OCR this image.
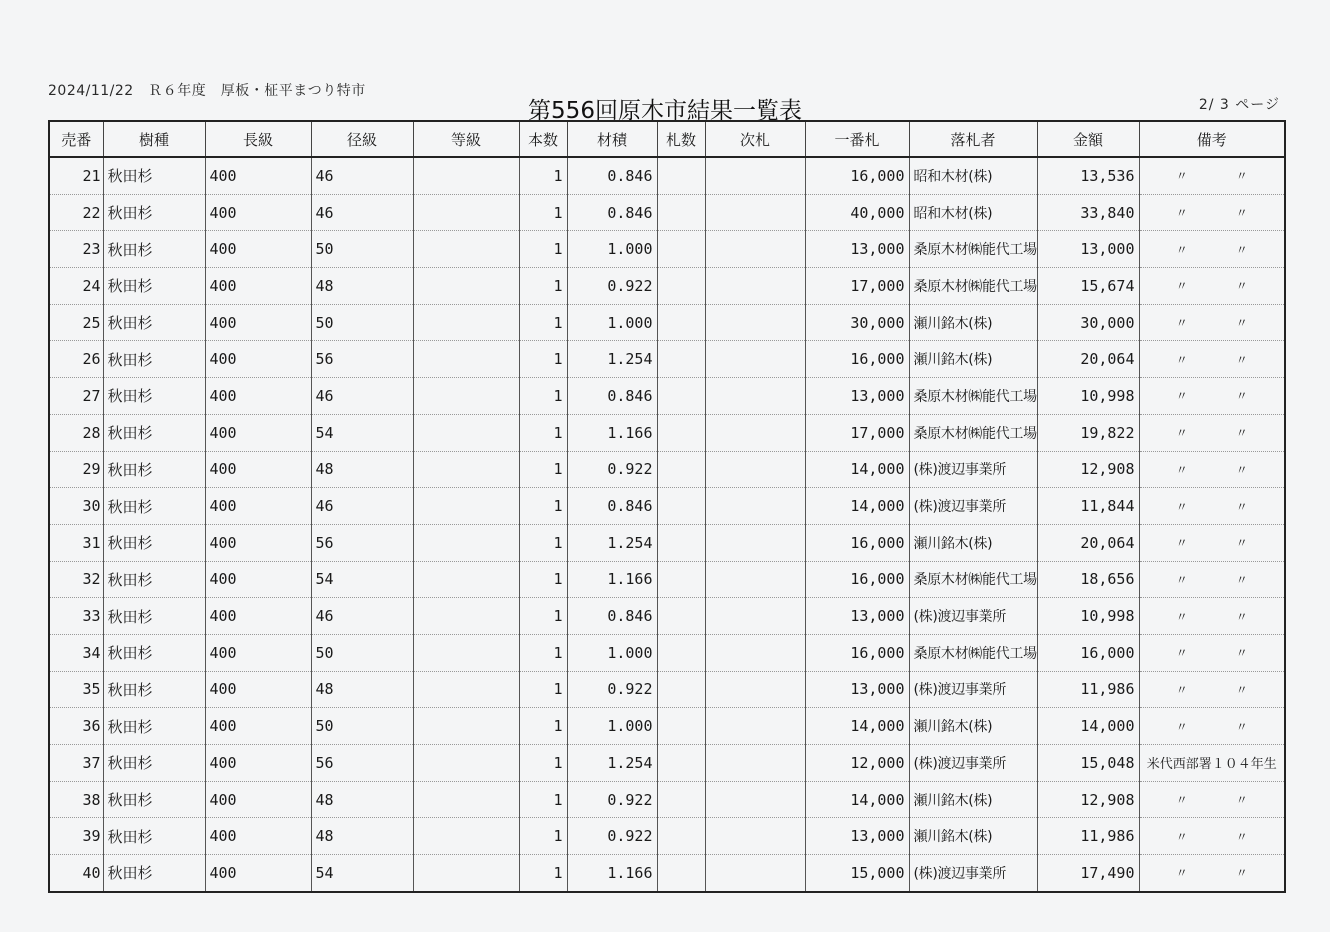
2024/11/22　Ｒ６年度　厚板・柾平まつり特市
第556回原木市結果一覧表	2/ 3 ページ
売番	樹種	長級	径級	等級	本数	材積	札数	次札	一番札	落札者	金額	備考
21	秋田杉	400	46		1	0.846			16,000	昭和木材(株)	13,536	〃 〃
22	秋田杉	400	46		1	0.846			40,000	昭和木材(株)	33,840	〃 〃
23	秋田杉	400	50		1	1.000			13,000	桑原木材㈱能代工場	13,000	〃 〃
24	秋田杉	400	48		1	0.922			17,000	桑原木材㈱能代工場	15,674	〃 〃
25	秋田杉	400	50		1	1.000			30,000	瀬川銘木(株)	30,000	〃 〃
26	秋田杉	400	56		1	1.254			16,000	瀬川銘木(株)	20,064	〃 〃
27	秋田杉	400	46		1	0.846			13,000	桑原木材㈱能代工場	10,998	〃 〃
28	秋田杉	400	54		1	1.166			17,000	桑原木材㈱能代工場	19,822	〃 〃
29	秋田杉	400	48		1	0.922			14,000	(株)渡辺事業所	12,908	〃 〃
30	秋田杉	400	46		1	0.846			14,000	(株)渡辺事業所	11,844	〃 〃
31	秋田杉	400	56		1	1.254			16,000	瀬川銘木(株)	20,064	〃 〃
32	秋田杉	400	54		1	1.166			16,000	桑原木材㈱能代工場	18,656	〃 〃
33	秋田杉	400	46		1	0.846			13,000	(株)渡辺事業所	10,998	〃 〃
34	秋田杉	400	50		1	1.000			16,000	桑原木材㈱能代工場	16,000	〃 〃
35	秋田杉	400	48		1	0.922			13,000	(株)渡辺事業所	11,986	〃 〃
36	秋田杉	400	50		1	1.000			14,000	瀬川銘木(株)	14,000	〃 〃
37	秋田杉	400	56		1	1.254			12,000	(株)渡辺事業所	15,048	米代西部署１０４年生
38	秋田杉	400	48		1	0.922			14,000	瀬川銘木(株)	12,908	〃 〃
39	秋田杉	400	48		1	0.922			13,000	瀬川銘木(株)	11,986	〃 〃
40	秋田杉	400	54		1	1.166			15,000	(株)渡辺事業所	17,490	〃 〃
